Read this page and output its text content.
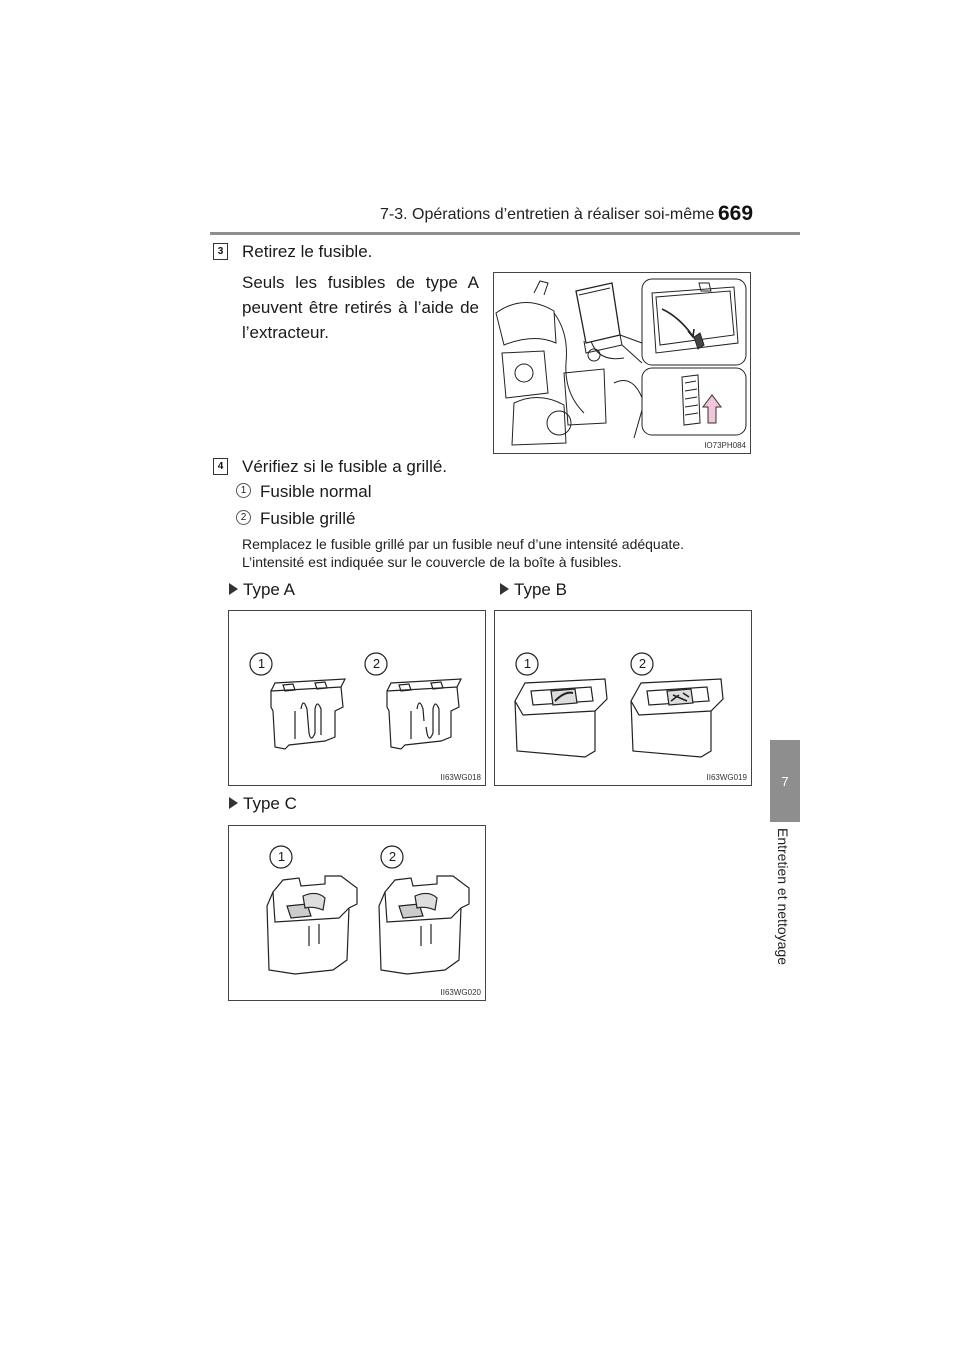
7-3. Opérations d’entretien à réaliser soi-même 669
7
Entretien et nettoyage
3 Retirez le fusible.
Seuls les fusibles de type A peuvent être retirés à l’aide de l’extracteur.
IO73PH084
4 Vérifiez si le fusible a grillé.
1 Fusible normal
2 Fusible grillé
Remplacez le fusible grillé par un fusible neuf d’une intensité adéquate.
L’intensité est indiquée sur le couvercle de la boîte à fusibles.
Type A
1	2
II63WG018
Type B
1	2
II63WG019
Type C
1	2
II63WG020
